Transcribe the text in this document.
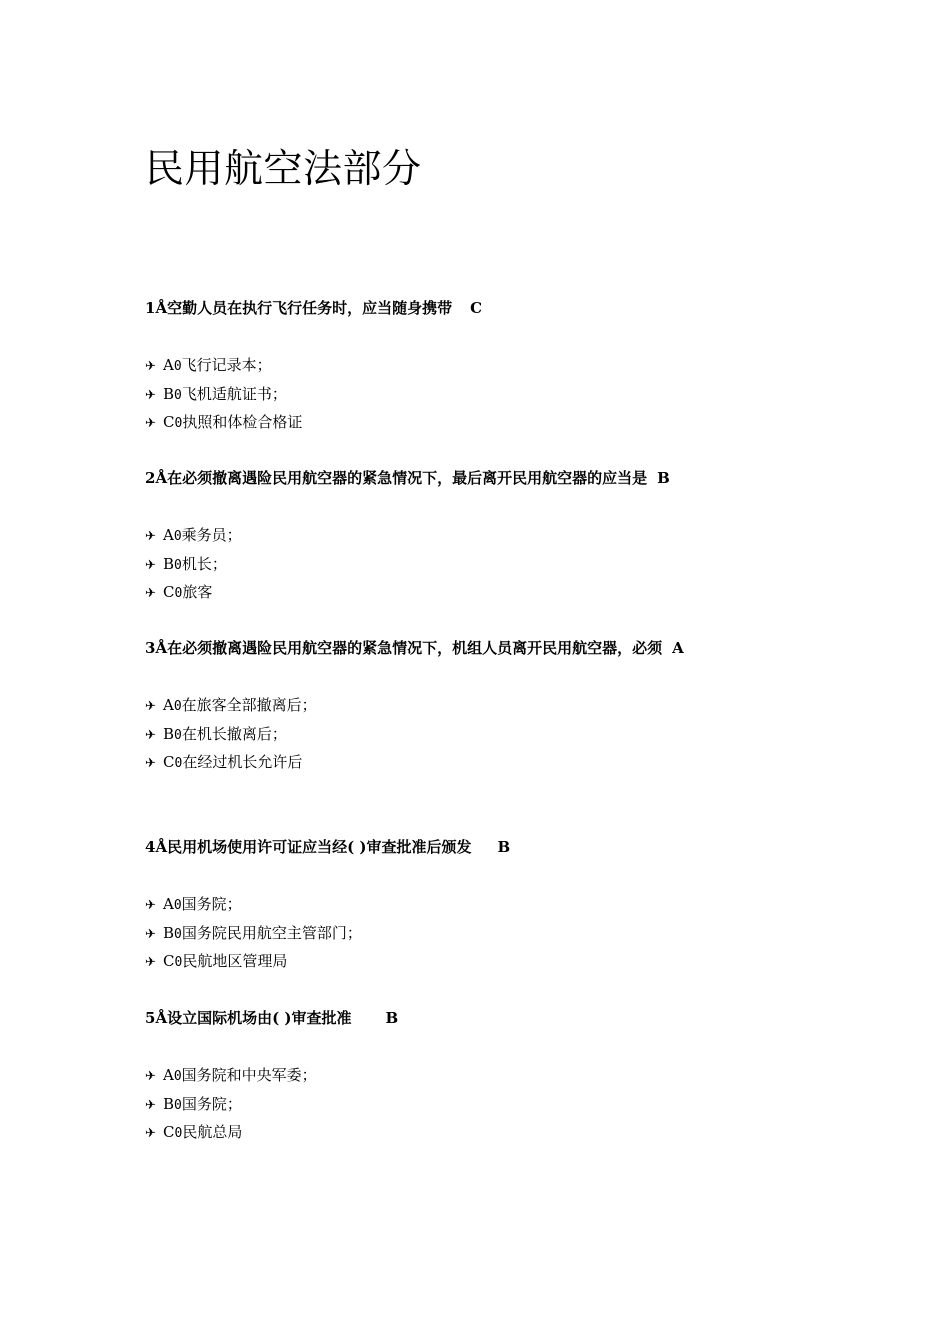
民用航空法部分
1Å空勤人员在执行飞行任务时，应当随身携带 C
✈ A0飞行记录本；
✈ B0飞机适航证书；
✈ C0执照和体检合格证
2Å在必须撤离遇险民用航空器的紧急情况下，最后离开民用航空器的应当是 B
✈ A0乘务员；
✈ B0机长；
✈ C0旅客
3Å在必须撤离遇险民用航空器的紧急情况下，机组人员离开民用航空器，必须 A
✈ A0在旅客全部撤离后；
✈ B0在机长撤离后；
✈ C0在经过机长允许后
4Å民用机场使用许可证应当经( )审查批准后颁发 B
✈ A0国务院；
✈ B0国务院民用航空主管部门；
✈ C0民航地区管理局
5Å设立国际机场由( )审查批准 B
✈ A0国务院和中央军委；
✈ B0国务院；
✈ C0民航总局
